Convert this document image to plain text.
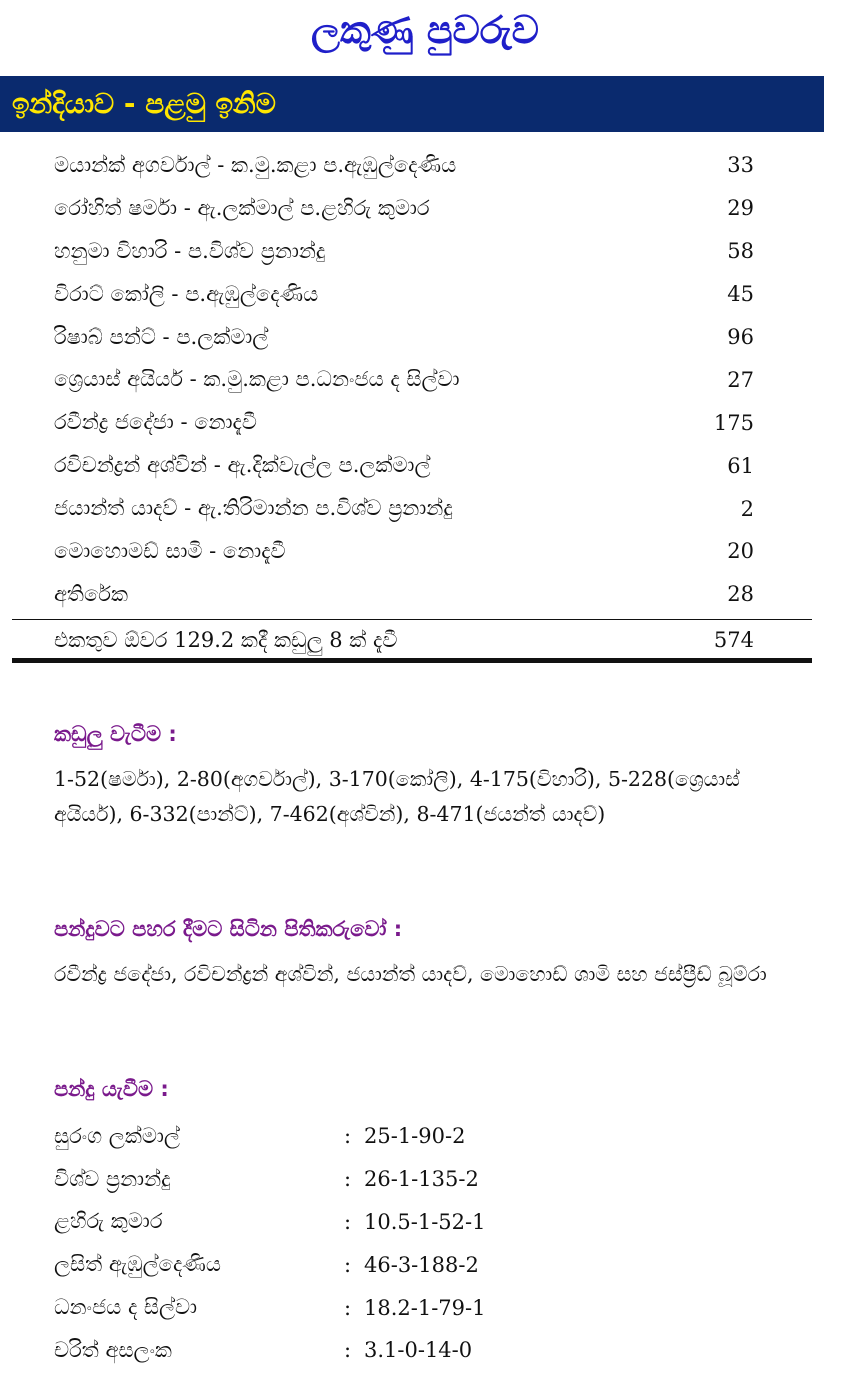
ලකුණු පුවරුව
ඉන්දියාව - පළමු ඉනිම
මයාන්ක් අගර්වාල් - ක.මු.කළා ප.ඇඹුල්දෙණිය	33
රෝහිත් ෂර්මා - ඇ.ලක්මාල් ප.ළහිරු කුමාර	29
හනුමා විහාරි - ප.විශ්ව ප්‍රනාන්දු	58
විරාට් කෝලි - ප.ඇඹුල්දෙණිය	45
රිෂාබ් පන්ට් - ප.ලක්මාල්	96
ශ්‍රෙයාස් අයියර් - ක.මු.කළා ප.ධනංජය ද සිල්වා	27
රවීන්ද්‍ර ජදේජා - නොදැවී	175
රවිචන්ද්‍රන් අශ්වින් - ඇ.දික්වැල්ල ප.ලක්මාල්	61
ජයාන්ත් යාදව් - ඇ.තිරිමාන්න ප.විශ්ව ප්‍රනාන්දු	2
මොහොමඩ් සාමි - නොදැවී	20
අතිරේක	28
එකතුව ඕවර 129.2 කදී කඩුලු 8 ක් දැවී	574
කඩුලු වැටීම :
1-52(ෂර්මා), 2-80(අගර්වාල්), 3-170(කෝලි), 4-175(විහාරි), 5-228(ශ්‍රෙයාස් අයියර්), 6-332(පාන්ට්), 7-462(අශ්වින්), 8-471(ජයන්ත් යාදව්)
පන්දුවට පහර දීමට සිටින පිතිකරුවෝ :
රවීන්ද්‍ර ජදේජා, රවිචන්ද්‍රන් අශ්වින්, ජයාන්ත් යාදව්, මොහොඩ් ශාමි සහ ජස්ප්‍රීඩ් බූම්රා
පන්දු යැවීම :
සුරංග ලක්මාල්	: 25-1-90-2
විශ්ව ප්‍රනාන්දු	: 26-1-135-2
ළහිරු කුමාර	: 10.5-1-52-1
ලසිත් ඇඹුල්දෙණිය	: 46-3-188-2
ධනංජය ද සිල්වා	: 18.2-1-79-1
චරිත් අසලංක	: 3.1-0-14-0
